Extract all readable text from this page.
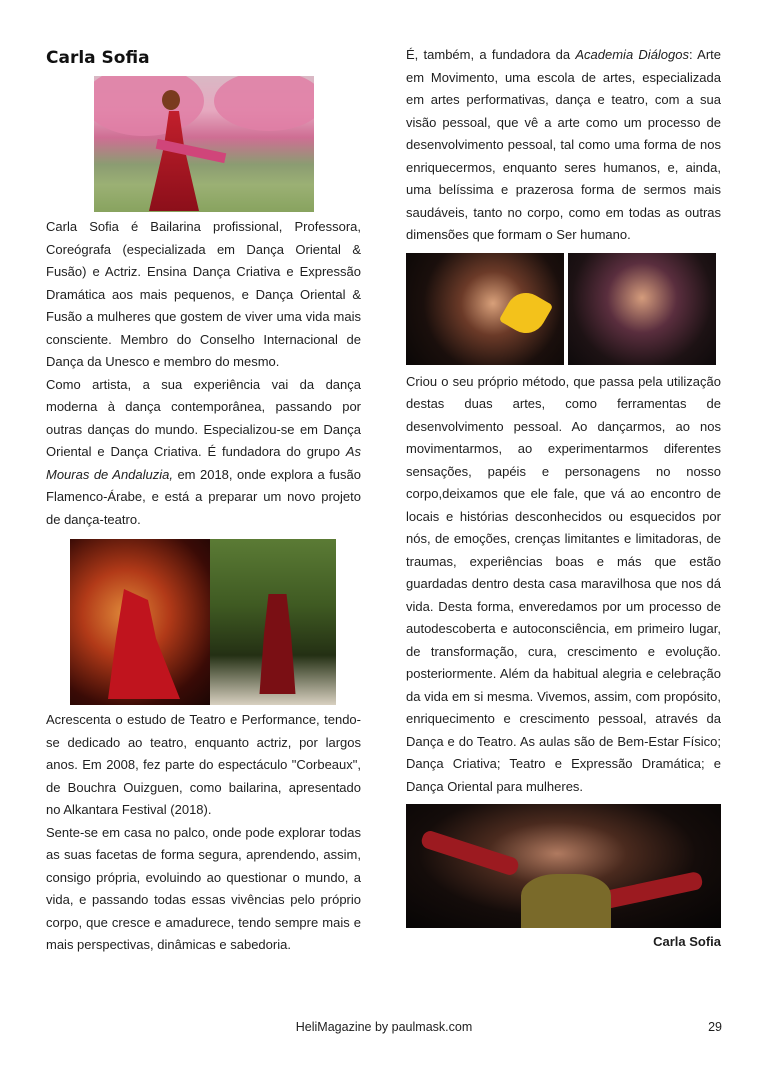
Carla Sofia

Carla Sofia é Bailarina profissional, Professora, Coreógrafa (especializada em Dança Oriental & Fusão) e Actriz. Ensina Dança Criativa e Expressão Dramática aos mais pequenos, e Dança Oriental & Fusão a mulheres que gostem de viver uma vida mais consciente. Membro do Conselho Internacional de Dança da Unesco e membro do mesmo.

Como artista, a sua experiência vai da dança moderna à dança contemporânea, passando por outras danças do mundo. Especializou-se em Dança Oriental e Dança Criativa. É fundadora do grupo As Mouras de Andaluzia, em 2018, onde explora a fusão Flamenco-Árabe, e está a preparar um novo projeto de dança-teatro.

Acrescenta o estudo de Teatro e Performance, tendo-se dedicado ao teatro, enquanto actriz, por largos anos. Em 2008, fez parte do espectáculo "Corbeaux", de Bouchra Ouizguen, como bailarina, apresentado no Alkantara Festival (2018).

Sente-se em casa no palco, onde pode explorar todas as suas facetas de forma segura, aprendendo, assim, consigo própria, evoluindo ao questionar o mundo, a vida, e passando todas essas vivências pelo próprio corpo, que cresce e amadurece, tendo sempre mais e mais perspectivas, dinâmicas e sabedoria.

É, também, a fundadora da Academia Diálogos: Arte em Movimento, uma escola de artes, especializada em artes performativas, dança e teatro, com a sua visão pessoal, que vê a arte como um processo de desenvolvimento pessoal, tal como uma forma de nos enriquecermos, enquanto seres humanos, e, ainda, uma belíssima e prazerosa forma de sermos mais saudáveis, tanto no corpo, como em todas as outras dimensões que formam o Ser humano.

Criou o seu próprio método, que passa pela utilização destas duas artes, como ferramentas de desenvolvimento pessoal. Ao dançarmos, ao nos movimentarmos, ao experimentarmos diferentes sensações, papéis e personagens no nosso corpo,deixamos que ele fale, que vá ao encontro de locais e histórias desconhecidos ou esquecidos por nós, de emoções, crenças limitantes e limitadoras, de traumas, experiências boas e más que estão guardadas dentro desta casa maravilhosa que nos dá vida. Desta forma, enveredamos por um processo de autodescoberta e autoconsciência, em primeiro lugar, de transformação, cura, crescimento e evolução. posteriormente. Além da habitual alegria e celebração da vida em si mesma. Vivemos, assim, com propósito, enriquecimento e crescimento pessoal, através da Dança e do Teatro. As aulas são de Bem-Estar Físico; Dança Criativa; Teatro e Expressão Dramática; e Dança Oriental para mulheres.

Carla Sofia
HeliMagazine by paulmask.com	29
